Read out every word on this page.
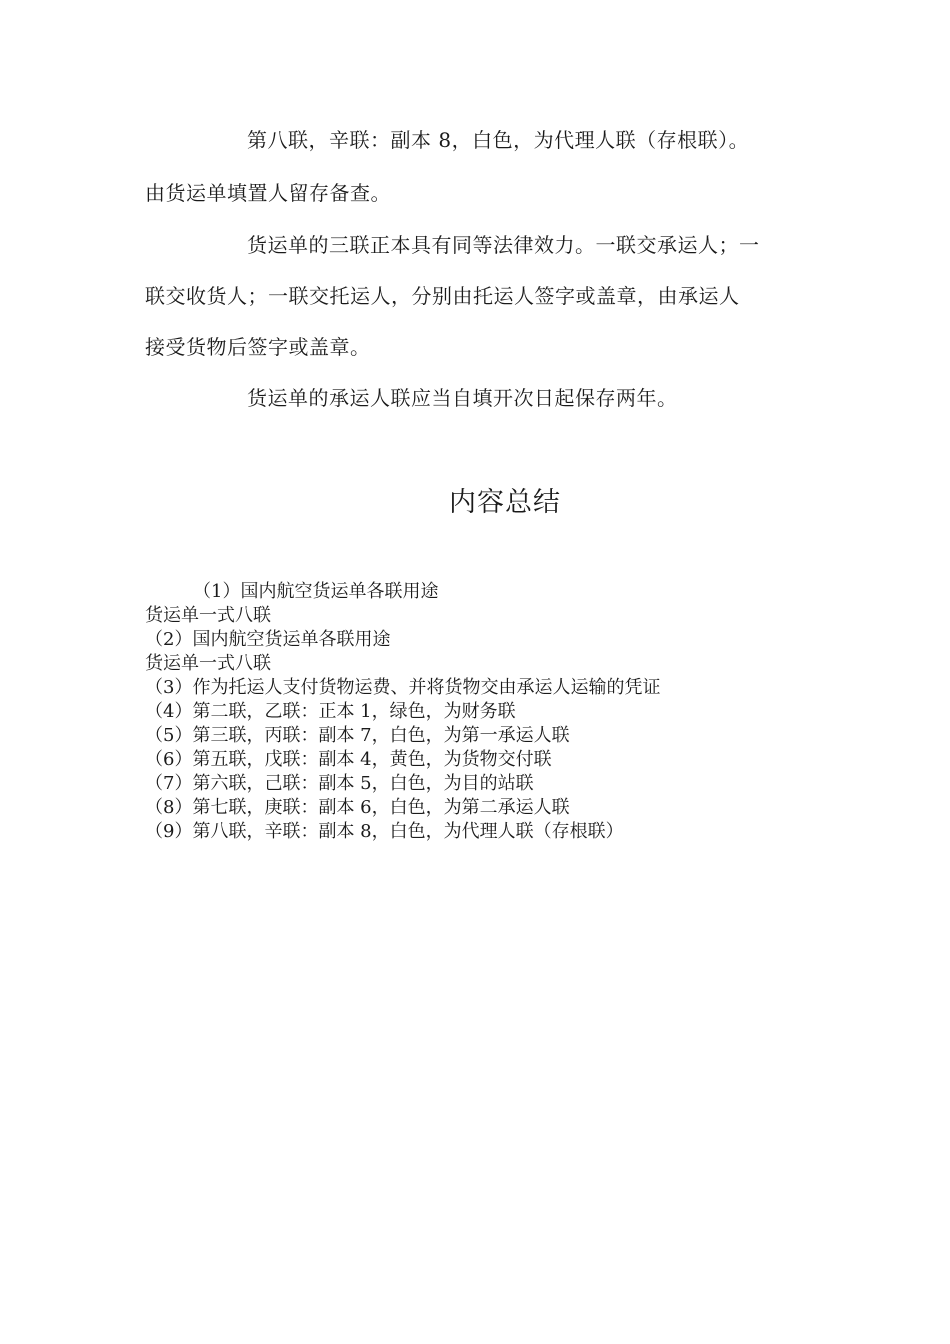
第八联，辛联：副本 8，白色，为代理人联（存根联）。
由货运单填置人留存备查。
货运单的三联正本具有同等法律效力。一联交承运人；一
联交收货人；一联交托运人，分别由托运人签字或盖章，由承运人
接受货物后签字或盖章。
货运单的承运人联应当自填开次日起保存两年。
内容总结
（1）国内航空货运单各联用途
货运单一式八联
（2）国内航空货运单各联用途
货运单一式八联
（3）作为托运人支付货物运费、并将货物交由承运人运输的凭证
（4）第二联，乙联：正本 1，绿色，为财务联
（5）第三联，丙联：副本 7，白色，为第一承运人联
（6）第五联，戊联：副本 4，黄色，为货物交付联
（7）第六联，己联：副本 5，白色，为目的站联
（8）第七联，庚联：副本 6，白色，为第二承运人联
（9）第八联，辛联：副本 8，白色，为代理人联（存根联）
